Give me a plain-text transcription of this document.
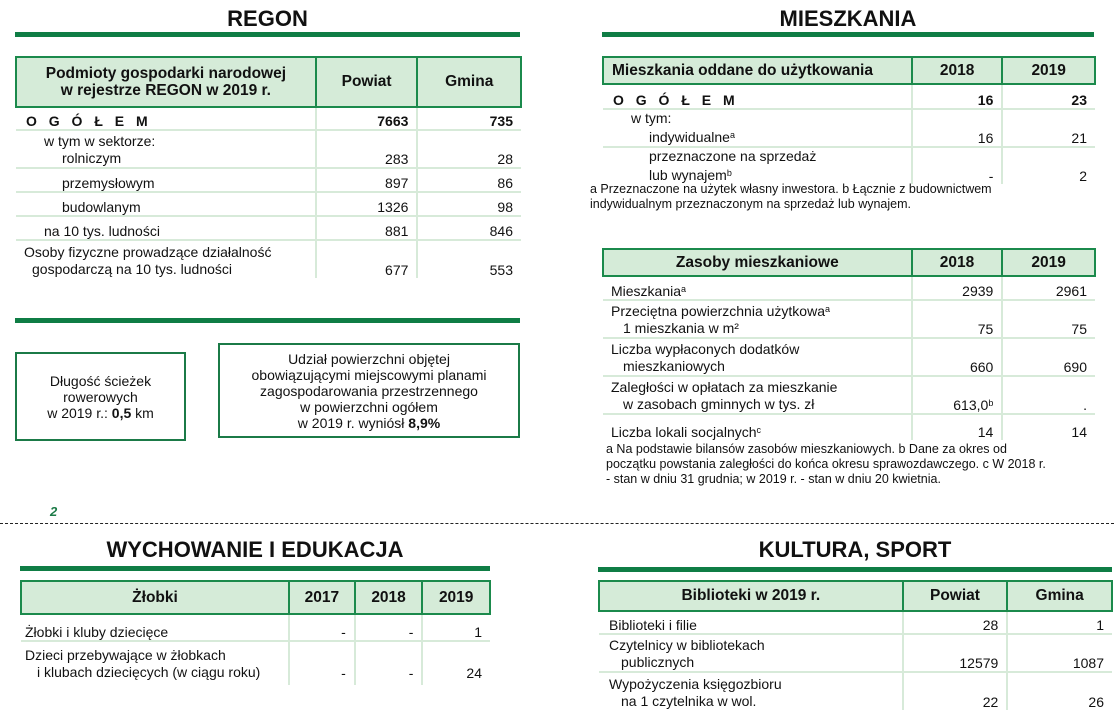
REGON
Podmioty gospodarki narodowej
w rejestrze REGON w 2019 r.	Powiat	Gmina
O G Ó Ł E M	7663	735
w tym w sektorze:
rolniczym	283	28
przemysłowym	897	86
budowlanym	1326	98
na 10 tys. ludności	881	846
Osoby fizyczne prowadzące działalność
gospodarczą na 10 tys. ludności	677	553
Długość ścieżek
rowerowych
w 2019 r.: 0,5 km
Udział powierzchni objętej
obowiązującymi miejscowymi planami
zagospodarowania przestrzennego
w powierzchni ogółem
w 2019 r. wyniósł 8,9%
MIESZKANIA
Mieszkania oddane do użytkowania	2018	2019
O G Ó Ł E M	16	23
w tym:
indywidualne$^a$	16	21
przeznaczone na sprzedaż
lub wynajem$^b$	-	2
a Przeznaczone na użytek własny inwestora. b Łącznie z budownictwem
indywidualnym przeznaczonym na sprzedaż lub wynajem.
Zasoby mieszkaniowe	2018	2019
Mieszkania$^a$	2939	2961
Przeciętna powierzchnia użytkowa$^a$
1 mieszkania w m²	75	75
Liczba wypłaconych dodatków
mieszkaniowych	660	690
Zaległości w opłatach za mieszkanie
w zasobach gminnych w tys. zł	613,0$^b$	.
Liczba lokali socjalnych$^c$	14	14
a Na podstawie bilansów zasobów mieszkaniowych. b Dane za okres od
początku powstania zaległości do końca okresu sprawozdawczego. c W 2018 r.
- stan w dniu 31 grudnia; w 2019 r. - stan w dniu 20 kwietnia.
2
WYCHOWANIE I EDUKACJA
Żłobki	2017	2018	2019
Żłobki i kluby dziecięce	-	-	1
Dzieci przebywające w żłobkach
i klubach dziecięcych (w ciągu roku)	-	-	24
KULTURA, SPORT
Biblioteki w 2019 r.	Powiat	Gmina
Biblioteki i filie	28	1
Czytelnicy w bibliotekach
publicznych	12579	1087
Wypożyczenia księgozbioru
na 1 czytelnika w wol.	22	26
